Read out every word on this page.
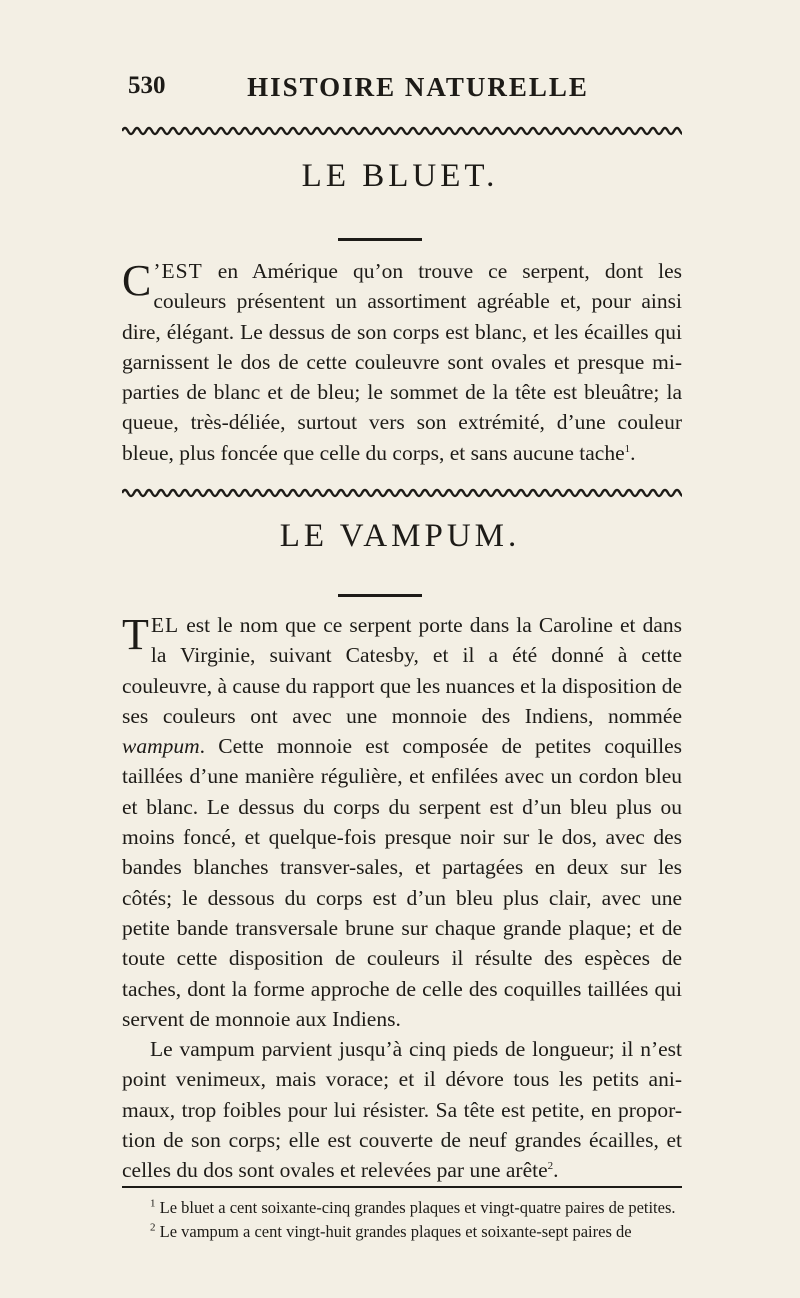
530	HISTOIRE NATURELLE
LE BLUET.

C ’EST en Amérique qu’on trouve ce serpent, dont les couleurs présentent un assortiment agréable et, pour ainsi dire, élégant. Le dessus de son corps est blanc, et les écailles qui garnissent le dos de cette couleuvre sont ovales et presque mi-parties de blanc et de bleu; le sommet de la tête est bleuâtre; la queue, très-déliée, surtout vers son extrémité, d’une couleur bleue, plus foncée que celle du corps, et sans aucune tache$^1$.

LE VAMPUM.

TEL est le nom que ce serpent porte dans la Caroline et dans la Virginie, suivant Catesby, et il a été donné à cette couleuvre, à cause du rapport que les nuances et la disposition de ses couleurs ont avec une monnoie des Indiens, nommée wampum. Cette monnoie est composée de petites coquilles taillées d’une manière régulière, et enfilées avec un cordon bleu et blanc. Le dessus du corps du serpent est d’un bleu plus ou moins foncé, et quelque-fois presque noir sur le dos, avec des bandes blanches transver-sales, et partagées en deux sur les côtés; le dessous du corps est d’un bleu plus clair, avec une petite bande transversale brune sur chaque grande plaque; et de toute cette disposition de couleurs il résulte des espèces de taches, dont la forme approche de celle des coquilles taillées qui servent de monnoie aux Indiens.

Le vampum parvient jusqu’à cinq pieds de longueur; il n’est point venimeux, mais vorace; et il dévore tous les petits ani-maux, trop foibles pour lui résister. Sa tête est petite, en propor-tion de son corps; elle est couverte de neuf grandes écailles, et celles du dos sont ovales et relevées par une arête$^2$.

$^1$ Le bluet a cent soixante-cinq grandes plaques et vingt-quatre paires de petites.

$^2$ Le vampum a cent vingt-huit grandes plaques et soixante-sept paires de
